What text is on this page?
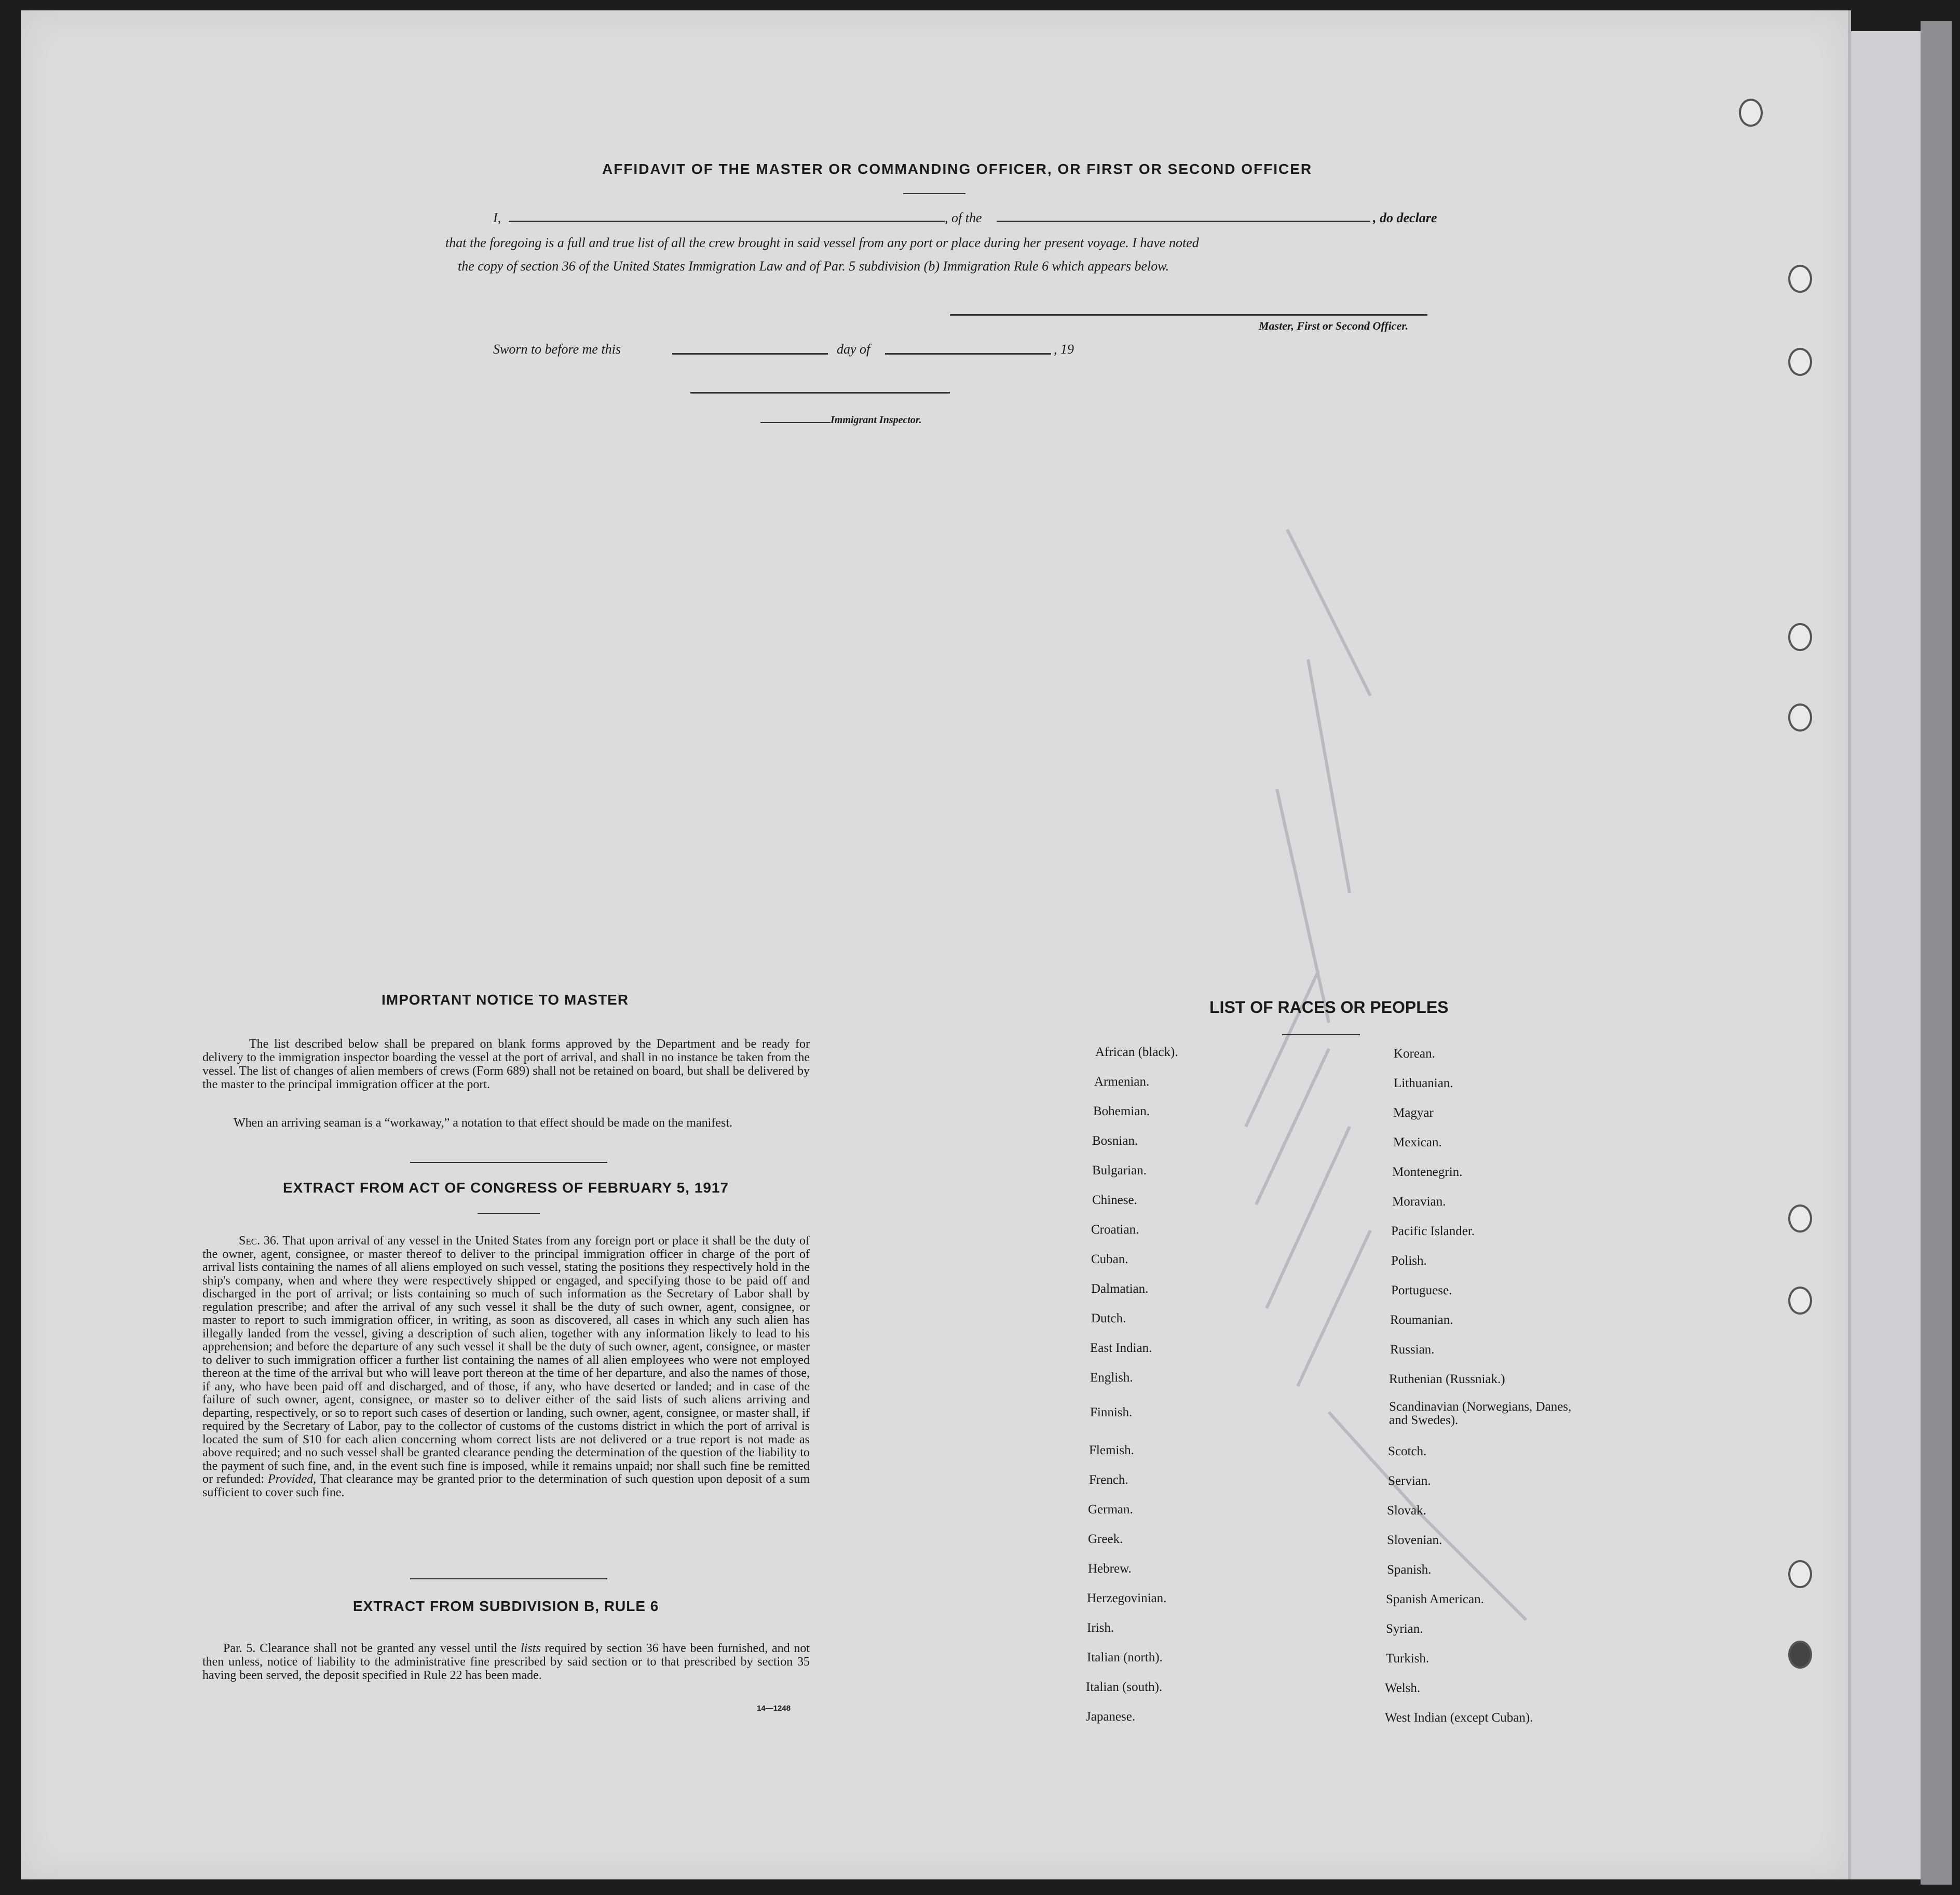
AFFIDAVIT OF THE MASTER OR COMMANDING OFFICER, OR FIRST OR SECOND OFFICER
I,	, of the	, do declare
that the foregoing is a full and true list of all the crew brought in said vessel from any port or place during her present voyage. I have noted
the copy of section 36 of the United States Immigration Law and of Par. 5 subdivision (b) Immigration Rule 6 which appears below.
Master, First or Second Officer.
Sworn to before me this	day of	, 19
Immigrant Inspector.
IMPORTANT NOTICE TO MASTER
The list described below shall be prepared on blank forms approved by the Department and be ready for delivery to the immigration inspector boarding the vessel at the port of arrival, and shall in no instance be taken from the vessel. The list of changes of alien members of crews (Form 689) shall not be retained on board, but shall be delivered by the master to the principal immigration officer at the port.
When an arriving seaman is a “workaway,” a notation to that effect should be made on the manifest.
EXTRACT FROM ACT OF CONGRESS OF FEBRUARY 5, 1917
Sec. 36. That upon arrival of any vessel in the United States from any foreign port or place it shall be the duty of the owner, agent, consignee, or master thereof to deliver to the principal immigration officer in charge of the port of arrival lists containing the names of all aliens employed on such vessel, stating the positions they respectively hold in the ship's company, when and where they were respectively shipped or engaged, and specifying those to be paid off and discharged in the port of arrival; or lists containing so much of such information as the Secretary of Labor shall by regulation prescribe; and after the arrival of any such vessel it shall be the duty of such owner, agent, consignee, or master to report to such immigration officer, in writing, as soon as discovered, all cases in which any such alien has illegally landed from the vessel, giving a description of such alien, together with any information likely to lead to his apprehension; and before the departure of any such vessel it shall be the duty of such owner, agent, consignee, or master to deliver to such immigration officer a further list containing the names of all alien employees who were not employed thereon at the time of the arrival but who will leave port thereon at the time of her departure, and also the names of those, if any, who have been paid off and discharged, and of those, if any, who have deserted or landed; and in case of the failure of such owner, agent, consignee, or master so to deliver either of the said lists of such aliens arriving and departing, respectively, or so to report such cases of desertion or landing, such owner, agent, consignee, or master shall, if required by the Secretary of Labor, pay to the collector of customs of the customs district in which the port of arrival is located the sum of $10 for each alien concerning whom correct lists are not delivered or a true report is not made as above required; and no such vessel shall be granted clearance pending the determination of the question of the liability to the payment of such fine, and, in the event such fine is imposed, while it remains unpaid; nor shall such fine be remitted or refunded: Provided, That clearance may be granted prior to the determination of such question upon deposit of a sum sufficient to cover such fine.
EXTRACT FROM SUBDIVISION B, RULE 6
Par. 5. Clearance shall not be granted any vessel until the lists required by section 36 have been furnished, and not then unless, notice of liability to the administrative fine prescribed by said section or to that prescribed by section 35 having been served, the deposit specified in Rule 22 has been made.
14—1248
LIST OF RACES OR PEOPLES
African (black).
Armenian.
Bohemian.
Bosnian.
Bulgarian.
Chinese.
Croatian.
Cuban.
Dalmatian.
Dutch.
East Indian.
English.
Finnish.
Flemish.
French.
German.
Greek.
Hebrew.
Herzegovinian.
Irish.
Italian (north).
Italian (south).
Japanese.
Korean.
Lithuanian.
Magyar
Mexican.
Montenegrin.
Moravian.
Pacific Islander.
Polish.
Portuguese.
Roumanian.
Russian.
Ruthenian (Russniak.)
Scandinavian (Norwegians, Danes, and Swedes).
Scotch.
Servian.
Slovak.
Slovenian.
Spanish.
Spanish American.
Syrian.
Turkish.
Welsh.
West Indian (except Cuban).
